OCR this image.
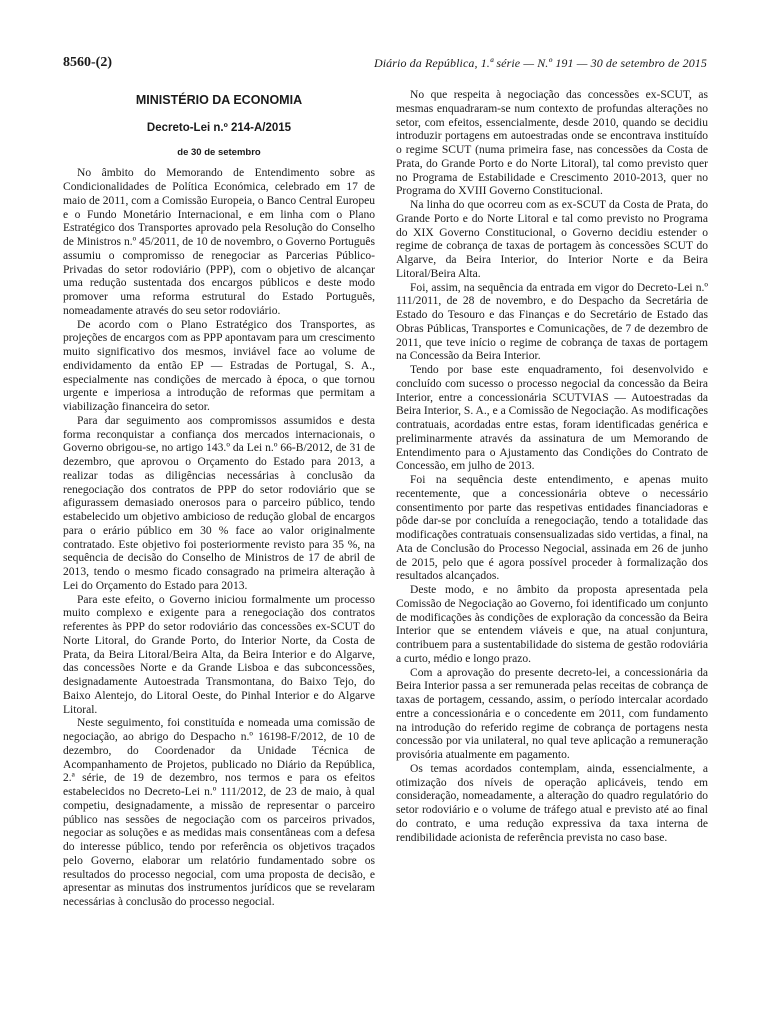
8560-(2)	Diário da República, 1.ª série — N.º 191 — 30 de setembro de 2015
MINISTÉRIO DA ECONOMIA
Decreto-Lei n.º 214-A/2015
de 30 de setembro

No âmbito do Memorando de Entendimento sobre as Condicionalidades de Política Económica, celebrado em 17 de maio de 2011, com a Comissão Europeia, o Banco Central Europeu e o Fundo Monetário Internacional, e em linha com o Plano Estratégico dos Transportes aprovado pela Resolução do Conselho de Ministros n.º 45/2011, de 10 de novembro, o Governo Português assumiu o compromisso de renegociar as Parcerias Público-Privadas do setor rodoviário (PPP), com o objetivo de alcançar uma redução sustentada dos encargos públicos e deste modo promover uma reforma estrutural do Estado Português, nomeadamente através do seu setor rodoviário.

De acordo com o Plano Estratégico dos Transportes, as projeções de encargos com as PPP apontavam para um crescimento muito significativo dos mesmos, inviável face ao volume de endividamento da então EP — Estradas de Portugal, S. A., especialmente nas condições de mercado à época, o que tornou urgente e imperiosa a introdução de reformas que permitam a viabilização financeira do setor.

Para dar seguimento aos compromissos assumidos e desta forma reconquistar a confiança dos mercados internacionais, o Governo obrigou-se, no artigo 143.º da Lei n.º 66-B/2012, de 31 de dezembro, que aprovou o Orçamento do Estado para 2013, a realizar todas as diligências necessárias à conclusão da renegociação dos contratos de PPP do setor rodoviário que se afigurassem demasiado onerosos para o parceiro público, tendo estabelecido um objetivo ambicioso de redução global de encargos para o erário público em 30 % face ao valor originalmente contratado. Este objetivo foi posteriormente revisto para 35 %, na sequência de decisão do Conselho de Ministros de 17 de abril de 2013, tendo o mesmo ficado consagrado na primeira alteração à Lei do Orçamento do Estado para 2013.

Para este efeito, o Governo iniciou formalmente um processo muito complexo e exigente para a renegociação dos contratos referentes às PPP do setor rodoviário das concessões ex-SCUT do Norte Litoral, do Grande Porto, do Interior Norte, da Costa de Prata, da Beira Litoral/Beira Alta, da Beira Interior e do Algarve, das concessões Norte e da Grande Lisboa e das subconcessões, designadamente Autoestrada Transmontana, do Baixo Tejo, do Baixo Alentejo, do Litoral Oeste, do Pinhal Interior e do Algarve Litoral.

Neste seguimento, foi constituída e nomeada uma comissão de negociação, ao abrigo do Despacho n.º 16198-F/2012, de 10 de dezembro, do Coordenador da Unidade Técnica de Acompanhamento de Projetos, publicado no Diário da República, 2.ª série, de 19 de dezembro, nos termos e para os efeitos estabelecidos no Decreto-Lei n.º 111/2012, de 23 de maio, à qual competiu, designadamente, a missão de representar o parceiro público nas sessões de negociação com os parceiros privados, negociar as soluções e as medidas mais consentâneas com a defesa do interesse público, tendo por referência os objetivos traçados pelo Governo, elaborar um relatório fundamentado sobre os resultados do processo negocial, com uma proposta de decisão, e apresentar as minutas dos instrumentos jurídicos que se revelaram necessárias à conclusão do processo negocial.

No que respeita à negociação das concessões ex-SCUT, as mesmas enquadraram-se num contexto de profundas alterações no setor, com efeitos, essencialmente, desde 2010, quando se decidiu introduzir portagens em autoestradas onde se encontrava instituído o regime SCUT (numa primeira fase, nas concessões da Costa de Prata, do Grande Porto e do Norte Litoral), tal como previsto quer no Programa de Estabilidade e Crescimento 2010-2013, quer no Programa do XVIII Governo Constitucional.

Na linha do que ocorreu com as ex-SCUT da Costa de Prata, do Grande Porto e do Norte Litoral e tal como previsto no Programa do XIX Governo Constitucional, o Governo decidiu estender o regime de cobrança de taxas de portagem às concessões SCUT do Algarve, da Beira Interior, do Interior Norte e da Beira Litoral/Beira Alta.

Foi, assim, na sequência da entrada em vigor do Decreto-Lei n.º 111/2011, de 28 de novembro, e do Despacho da Secretária de Estado do Tesouro e das Finanças e do Secretário de Estado das Obras Públicas, Transportes e Comunicações, de 7 de dezembro de 2011, que teve início o regime de cobrança de taxas de portagem na Concessão da Beira Interior.

Tendo por base este enquadramento, foi desenvolvido e concluído com sucesso o processo negocial da concessão da Beira Interior, entre a concessionária SCUTVIAS — Autoestradas da Beira Interior, S. A., e a Comissão de Negociação. As modificações contratuais, acordadas entre estas, foram identificadas genérica e preliminarmente através da assinatura de um Memorando de Entendimento para o Ajustamento das Condições do Contrato de Concessão, em julho de 2013.

Foi na sequência deste entendimento, e apenas muito recentemente, que a concessionária obteve o necessário consentimento por parte das respetivas entidades financiadoras e pôde dar-se por concluída a renegociação, tendo a totalidade das modificações contratuais consensualizadas sido vertidas, a final, na Ata de Conclusão do Processo Negocial, assinada em 26 de junho de 2015, pelo que é agora possível proceder à formalização dos resultados alcançados.

Deste modo, e no âmbito da proposta apresentada pela Comissão de Negociação ao Governo, foi identificado um conjunto de modificações às condições de exploração da concessão da Beira Interior que se entendem viáveis e que, na atual conjuntura, contribuem para a sustentabilidade do sistema de gestão rodoviária a curto, médio e longo prazo.

Com a aprovação do presente decreto-lei, a concessionária da Beira Interior passa a ser remunerada pelas receitas de cobrança de taxas de portagem, cessando, assim, o período intercalar acordado entre a concessionária e o concedente em 2011, com fundamento na introdução do referido regime de cobrança de portagens nesta concessão por via unilateral, no qual teve aplicação a remuneração provisória atualmente em pagamento.

Os temas acordados contemplam, ainda, essencialmente, a otimização dos níveis de operação aplicáveis, tendo em consideração, nomeadamente, a alteração do quadro regulatório do setor rodoviário e o volume de tráfego atual e previsto até ao final do contrato, e uma redução expressiva da taxa interna de rendibilidade acionista de referência prevista no caso base.
